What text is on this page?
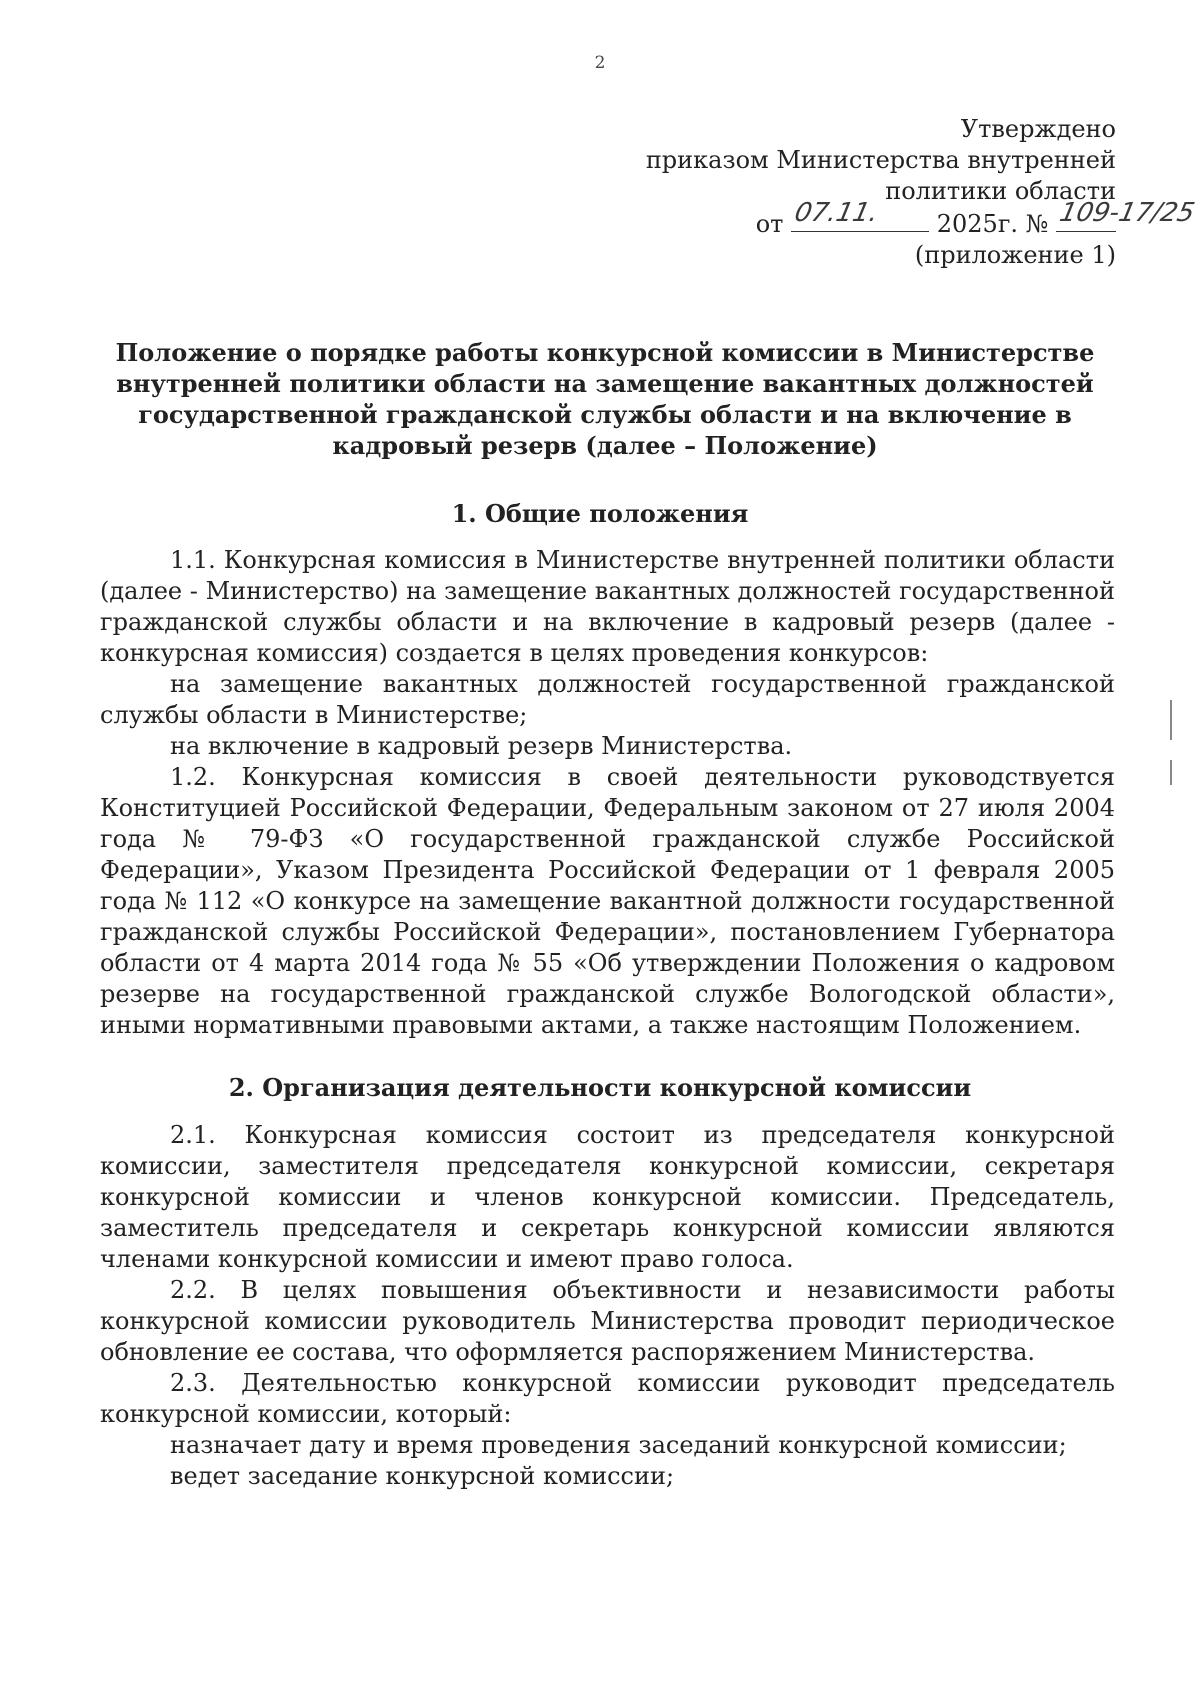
2
Утверждено
приказом Министерства внутренней
политики области
от 07.11. 2025г. № 109-17/25
(приложение 1)
Положение о порядке работы конкурсной комиссии в Министерстве внутренней политики области на замещение вакантных должностей государственной гражданской службы области и на включение в кадровый резерв (далее – Положение)
1. Общие положения

1.1. Конкурсная комиссия в Министерстве внутренней политики области (далее - Министерство) на замещение вакантных должностей государственной гражданской службы области и на включение в кадровый резерв (далее - конкурсная комиссия) создается в целях проведения конкурсов:

на замещение вакантных должностей государственной гражданской службы области в Министерстве;

на включение в кадровый резерв Министерства.

1.2. Конкурсная комиссия в своей деятельности руководствуется Конституцией Российской Федерации, Федеральным законом от 27 июля 2004 года № 79-ФЗ «О государственной гражданской службе Российской Федерации», Указом Президента Российской Федерации от 1 февраля 2005 года № 112 «О конкурсе на замещение вакантной должности государственной гражданской службы Российской Федерации», постановлением Губернатора области от 4 марта 2014 года № 55 «Об утверждении Положения о кадровом резерве на государственной гражданской службе Вологодской области», иными нормативными правовыми актами, а также настоящим Положением.

2. Организация деятельности конкурсной комиссии

2.1. Конкурсная комиссия состоит из председателя конкурсной комиссии, заместителя председателя конкурсной комиссии, секретаря конкурсной комиссии и членов конкурсной комиссии. Председатель, заместитель председателя и секретарь конкурсной комиссии являются членами конкурсной комиссии и имеют право голоса.

2.2. В целях повышения объективности и независимости работы конкурсной комиссии руководитель Министерства проводит периодическое обновление ее состава, что оформляется распоряжением Министерства.

2.3. Деятельностью конкурсной комиссии руководит председатель конкурсной комиссии, который:

назначает дату и время проведения заседаний конкурсной комиссии;

ведет заседание конкурсной комиссии;
